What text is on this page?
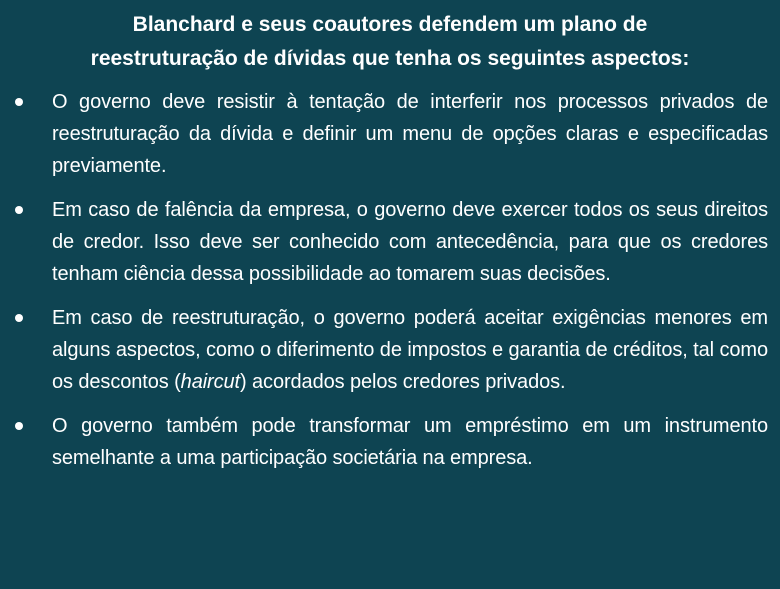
Blanchard e seus coautores defendem um plano de
reestruturação de dívidas que tenha os seguintes aspectos:
O governo deve resistir à tentação de interferir nos processos privados de reestruturação da dívida e definir um menu de opções claras e especificadas previamente.
Em caso de falência da empresa, o governo deve exercer todos os seus direitos de credor. Isso deve ser conhecido com antecedência, para que os credores tenham ciência dessa possibilidade ao tomarem suas decisões.
Em caso de reestruturação, o governo poderá aceitar exigências menores em alguns aspectos, como o diferimento de impostos e garantia de créditos, tal como os descontos (haircut) acordados pelos credores privados.
O governo também pode transformar um empréstimo em um instrumento semelhante a uma participação societária na empresa.
